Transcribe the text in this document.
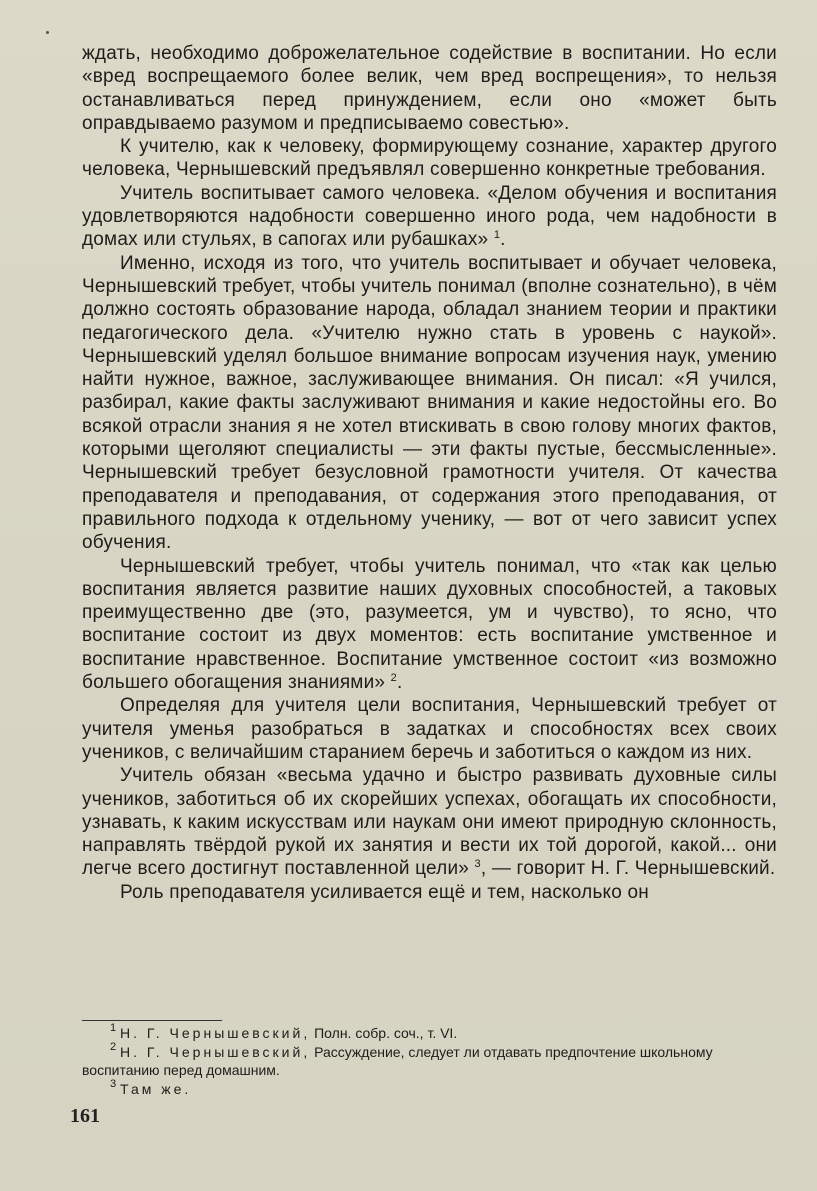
ждать, необходимо доброжелательное содействие в воспитании. Но если «вред воспрещаемого более велик, чем вред воспрещения», то нельзя останавливаться перед принуждением, если оно «может быть оправдываемо разумом и предписываемо совестью».

К учителю, как к человеку, формирующему сознание, характер другого человека, Чернышевский предъявлял совершенно конкретные требования.

Учитель воспитывает самого человека. «Делом обучения и воспитания удовлетворяются надобности совершенно иного рода, чем надобности в домах или стульях, в сапогах или рубашках» $^1$.

Именно, исходя из того, что учитель воспитывает и обучает человека, Чернышевский требует, чтобы учитель понимал (вполне сознательно), в чём должно состоять образование народа, обладал знанием теории и практики педагогического дела. «Учителю нужно стать в уровень с наукой». Чернышевский уделял большое внимание вопросам изучения наук, умению найти нужное, важное, заслуживающее внимания. Он писал: «Я учился, разбирал, какие факты заслуживают внимания и какие недостойны его. Во всякой отрасли знания я не хотел втискивать в свою голову многих фактов, которыми щеголяют специалисты — эти факты пустые, бессмысленные». Чернышевский требует безусловной грамотности учителя. От качества преподавателя и преподавания, от содержания этого преподавания, от правильного подхода к отдельному ученику, — вот от чего зависит успех обучения.

Чернышевский требует, чтобы учитель понимал, что «так как целью воспитания является развитие наших духовных способностей, а таковых преимущественно две (это, разумеется, ум и чувство), то ясно, что воспитание состоит из двух моментов: есть воспитание умственное и воспитание нравственное. Воспитание умственное состоит «из возможно большего обогащения знаниями» $^2$.

Определяя для учителя цели воспитания, Чернышевский требует от учителя уменья разобраться в задатках и способностях всех своих учеников, с величайшим старанием беречь и заботиться о каждом из них.

Учитель обязан «весьма удачно и быстро развивать духовные силы учеников, заботиться об их скорейших успехах, обогащать их способности, узнавать, к каким искусствам или наукам они имеют природную склонность, направлять твёрдой рукой их занятия и вести их той дорогой, какой... они легче всего достигнут поставленной цели» $^3$, — говорит Н. Г. Чернышевский.

Роль преподавателя усиливается ещё и тем, насколько он

$^1$ Н. Г. Чернышевский, Полн. собр. соч., т. VI.

$^2$ Н. Г. Чернышевский, Рассуждение, следует ли отдавать предпочтение школьному воспитанию перед домашним.

$^3$ Там же.

161
